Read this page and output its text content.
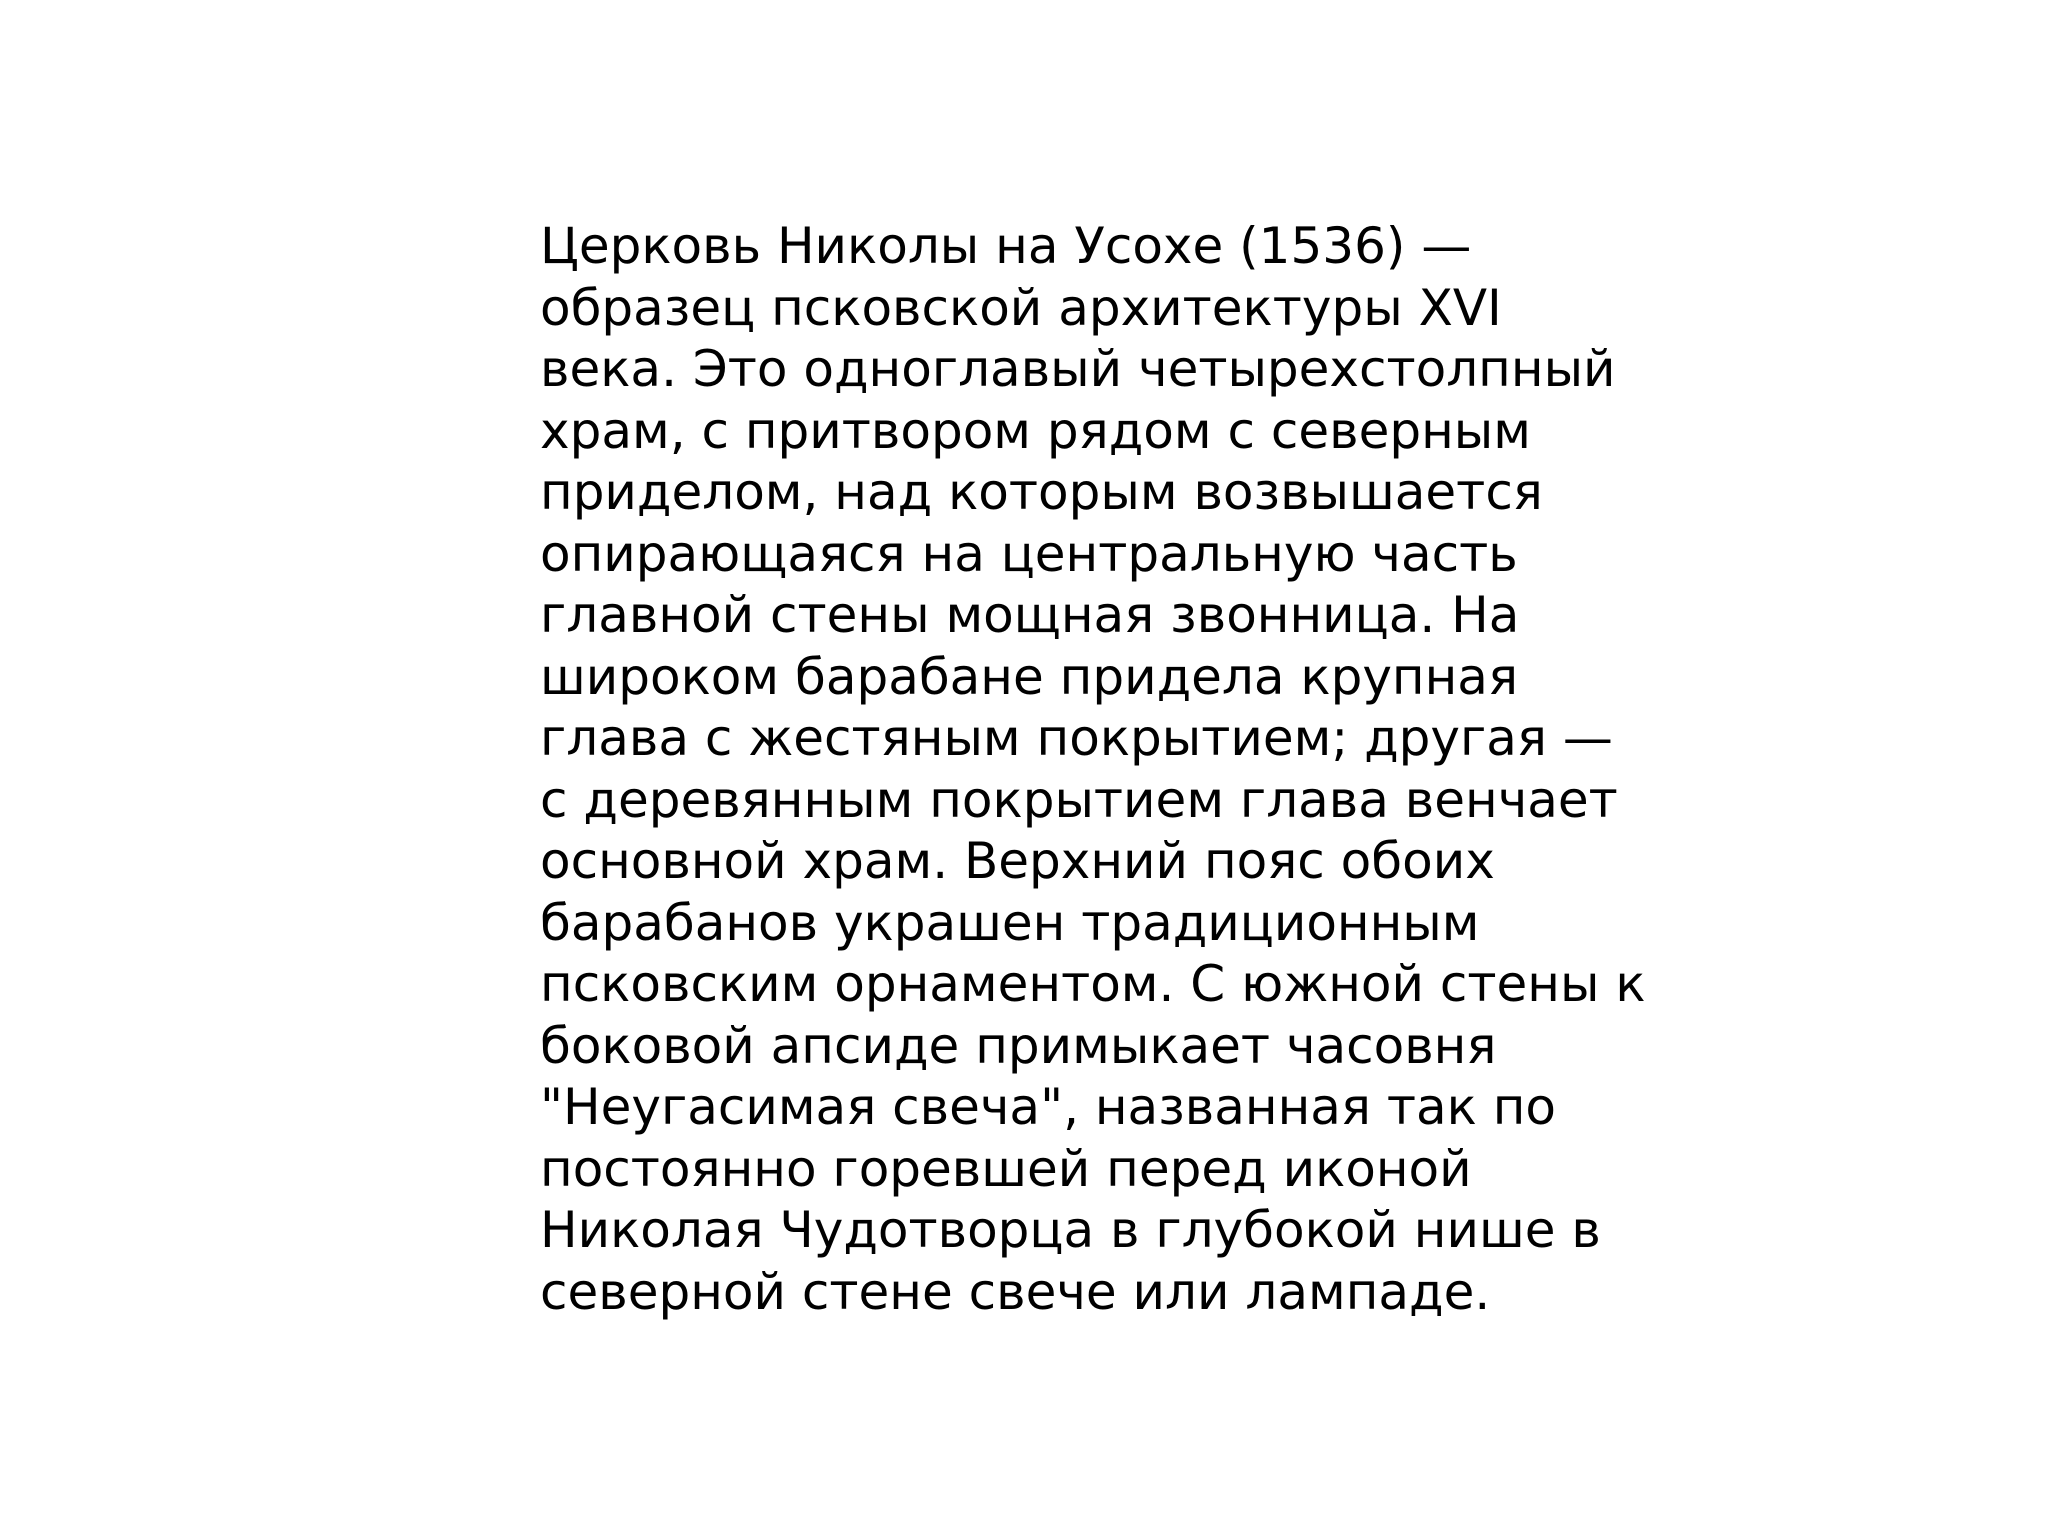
Церковь Николы на Усохе (1536) —
образец псковской архитектуры XVI
века. Это одноглавый четырехстолпный
храм, с притвором рядом с северным
приделом, над которым возвышается
опирающаяся на центральную часть
главной стены мощная звонница. На
широком барабане придела крупная
глава с жестяным покрытием; другая —
с деревянным покрытием глава венчает
основной храм. Верхний пояс обоих
барабанов украшен традиционным
псковским орнаментом. С южной стены к
боковой апсиде примыкает часовня
"Неугасимая свеча", названная так по
постоянно горевшей перед иконой
Николая Чудотворца в глубокой нише в
северной стене свече или лампаде.
